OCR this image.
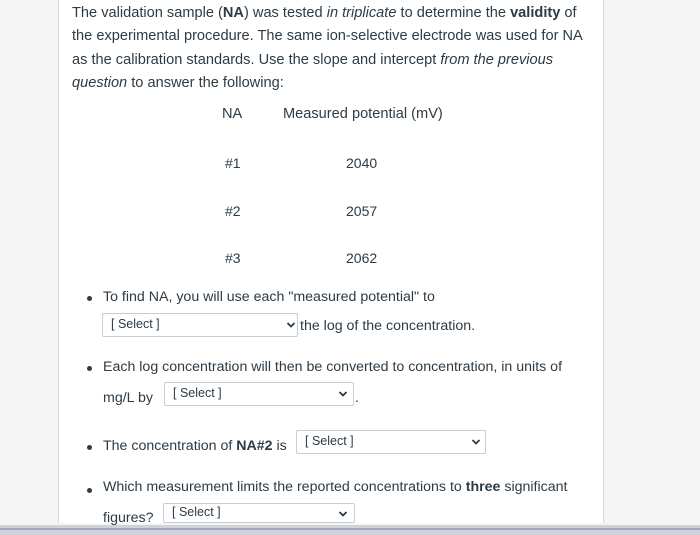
The validation sample (NA) was tested in triplicate to determine the validity of the experimental procedure. The same ion-selective electrode was used for NA as the calibration standards. Use the slope and intercept from the previous question to answer the following:
NA	Measured potential (mV)
#1	2040
#2	2057
#3	2062
To find NA, you will use each "measured potential" to
[ Select ]	the log of the concentration.
Each log concentration will then be converted to concentration, in units of
mg/L by [ Select ]	.
The concentration of NA#2 is [ Select ]
Which measurement limits the reported concentrations to three significant
figures? [ Select ]
